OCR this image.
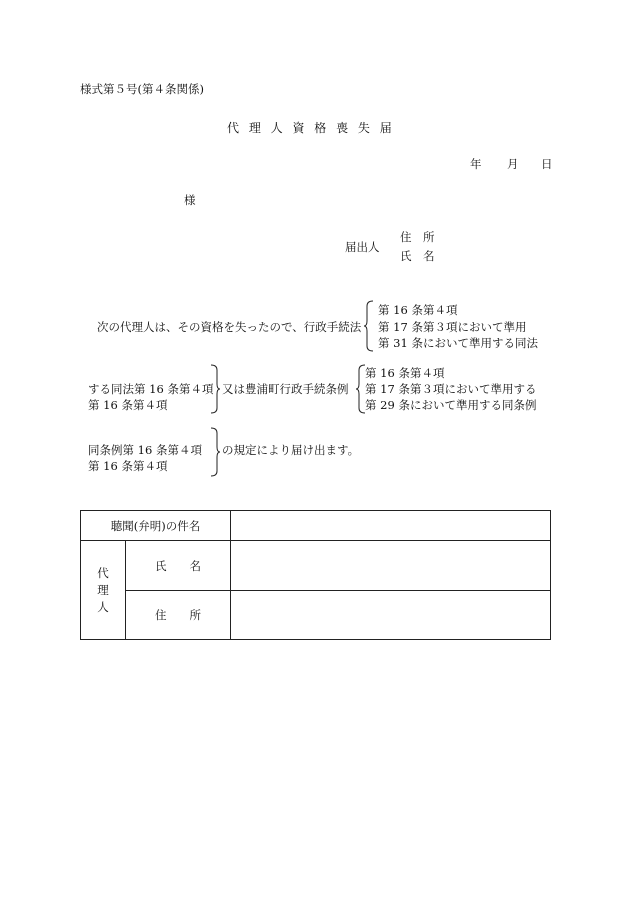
様式第５号(第４条関係)
代 理 人 資 格 喪 失 届
年 月 日
様
届出人
住　所
氏　名
次の代理人は、その資格を失ったので、行政手続法
第 16 条第４項
第 17 条第３項において準用
第 31 条において準用する同法
する同法第 16 条第４項
第 16 条第４項
又は豊浦町行政手続条例
第 16 条第４項
第 17 条第３項において準用する
第 29 条において準用する同条例
同条例第 16 条第４項
第 16 条第４項
の規定により届け出ます。
聴聞(弁明)の件名		

代
理
人	氏　　名	
	住　　所	
